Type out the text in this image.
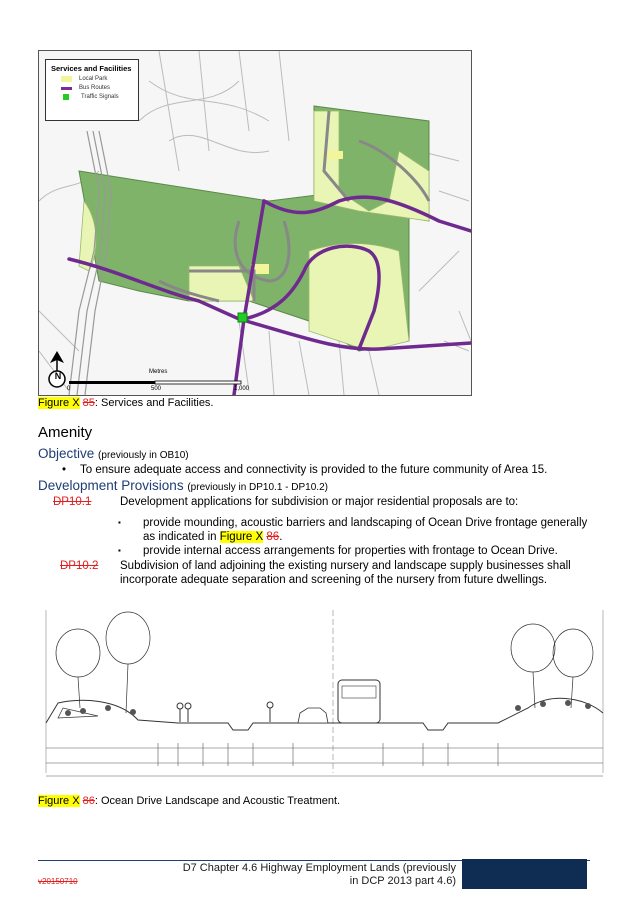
Services and Facilities
Local Park
Bus Routes
Traffic Signals
N	Metres
0	500	1,000
Figure X 85: Services and Facilities.
Amenity
Objective (previously in OB10)
• To ensure adequate access and connectivity is provided to the future community of Area 15.
Development Provisions (previously in DP10.1 - DP10.2)
DP10.1 Development applications for subdivision or major residential proposals are to:
▪ provide mounding, acoustic barriers and landscaping of Ocean Drive frontage generally as indicated in Figure X 86.
▪ provide internal access arrangements for properties with frontage to Ocean Drive.
DP10.2 Subdivision of land adjoining the existing nursery and landscape supply businesses shall incorporate adequate separation and screening of the nursery from future dwellings.
Figure X 86: Ocean Drive Landscape and Acoustic Treatment.
D7 Chapter 4.6 Highway Employment Lands (previously
in DCP 2013 part 4.6)
v20150710
